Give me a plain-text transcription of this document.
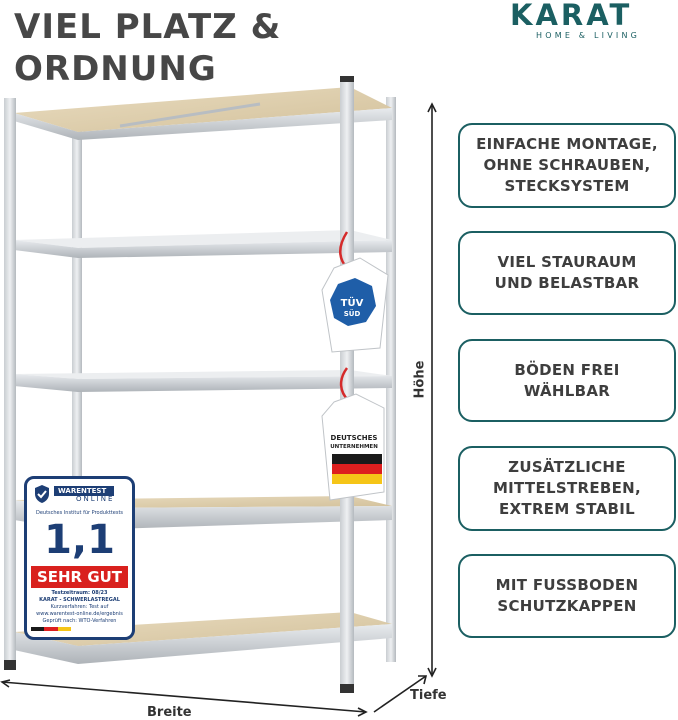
VIEL PLATZ &
ORDNUNG
KARAT
HOME & LIVING
TÜV
SÜD
DEUTSCHES
UNTERNEHMEN
WARENTEST
ONLINE
Deutsches Institut für Produkttests
1,1
SEHR GUT
Testzeitraum: 08/23
KARAT - SCHWERLASTREGAL
Kurzverfahren: Test auf
www.warentest-online.de/ergebnis
Geprüft nach: WTO-Verfahren
Höhe
Tiefe
Breite
EINFACHE MONTAGE,
OHNE SCHRAUBEN,
STECKSYSTEM
VIEL STAURAUM
UND BELASTBAR
BÖDEN FREI
WÄHLBAR
ZUSÄTZLICHE
MITTELSTREBEN,
EXTREM STABIL
MIT FUSSBODEN
SCHUTZKAPPEN
